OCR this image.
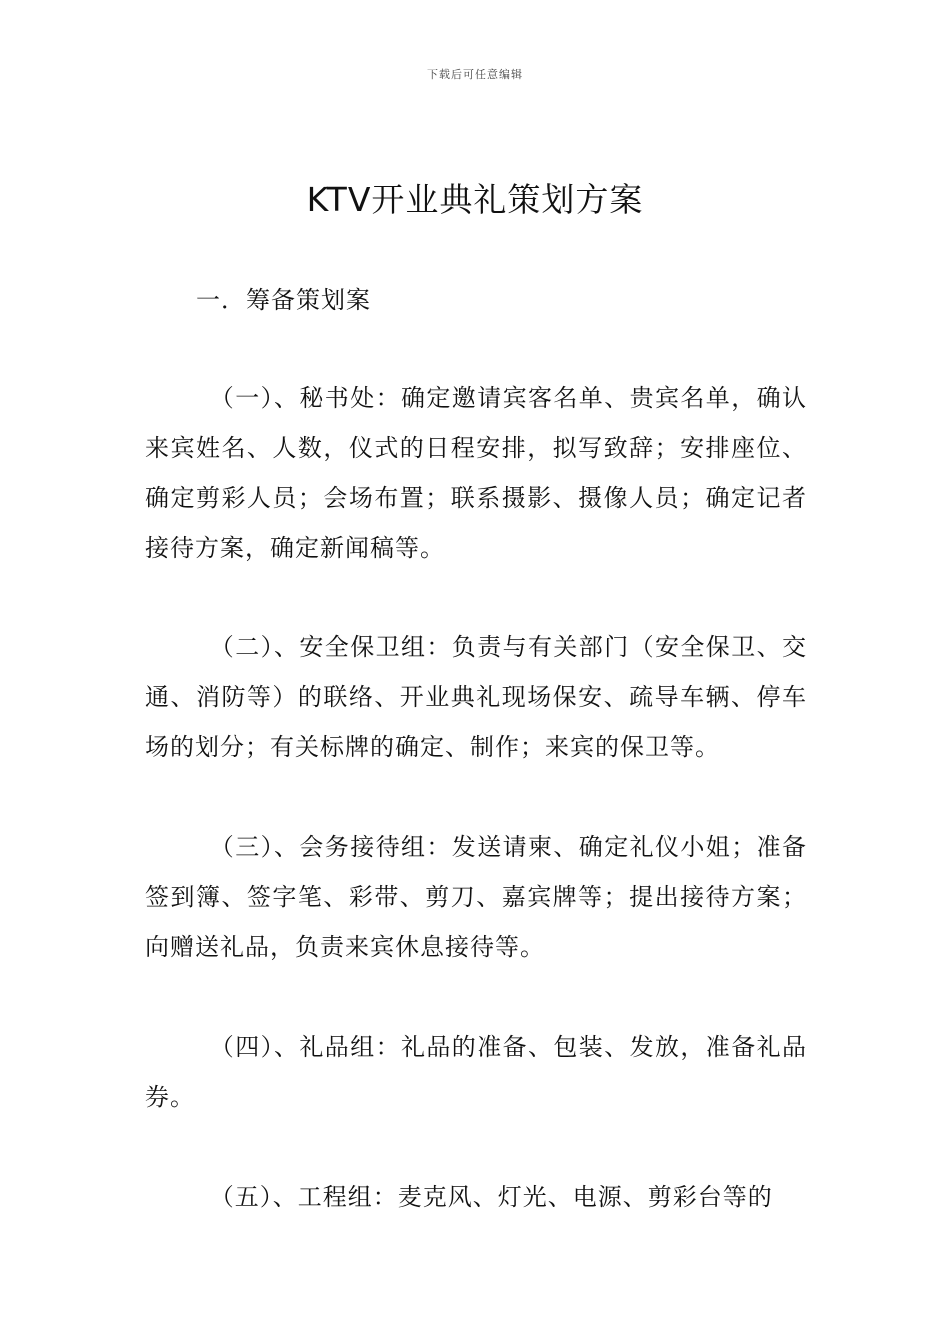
下载后可任意编辑
KTV开业典礼策划方案
一．筹备策划案

（一）、秘书处：确定邀请宾客名单、贵宾名单，确认来宾姓名、人数，仪式的日程安排，拟写致辞；安排座位、确定剪彩人员；会场布置；联系摄影、摄像人员；确定记者接待方案，确定新闻稿等。

（二）、安全保卫组：负责与有关部门（安全保卫、交通、消防等）的联络、开业典礼现场保安、疏导车辆、停车场的划分；有关标牌的确定、制作；来宾的保卫等。

（三）、会务接待组：发送请柬、确定礼仪小姐；准备签到簿、签字笔、彩带、剪刀、嘉宾牌等；提出接待方案；向赠送礼品，负责来宾休息接待等。

（四）、礼品组：礼品的准备、包装、发放，准备礼品券。

（五）、工程组：麦克风、灯光、电源、剪彩台等的
